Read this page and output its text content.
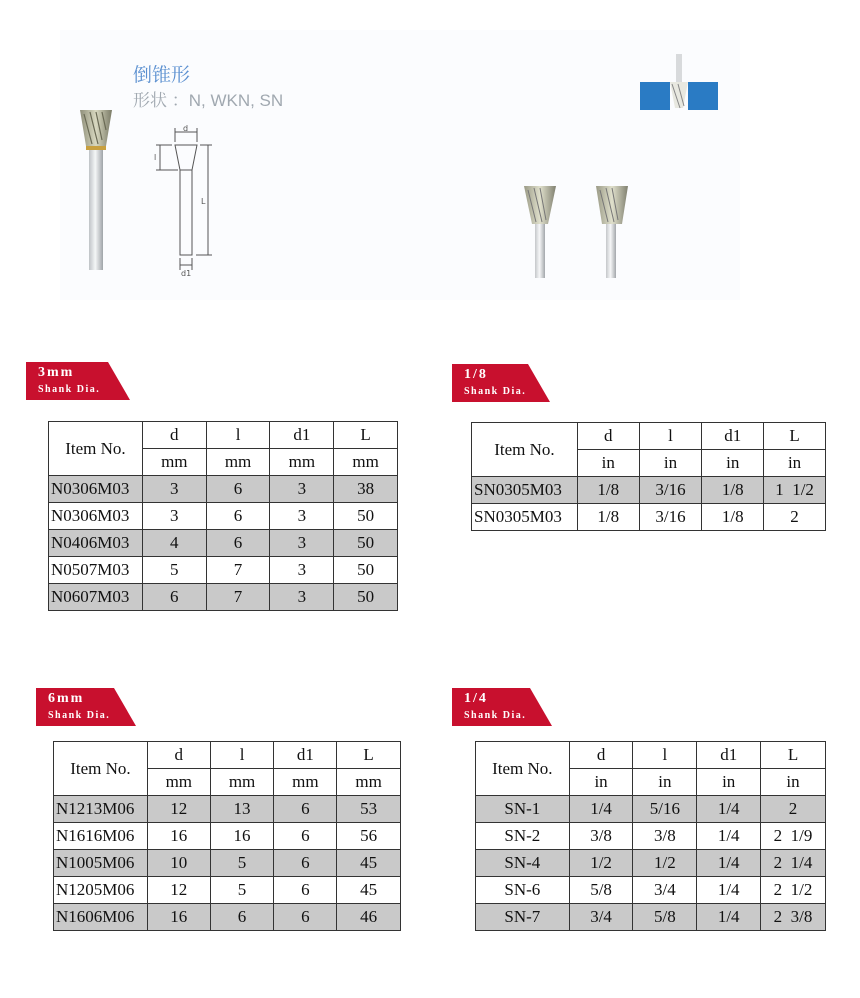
倒锥形
形状 ：N, WKN, SN
d
l
L
d1
3mm
Shank Dia.
1/8
Shank Dia.
6mm
Shank Dia.
1/4
Shank Dia.
Item No.	d	l	d1	L
	mm	mm	mm	mm
N0306M03	3	6	3	38
N0306M03	3	6	3	50
N0406M03	4	6	3	50
N0507M03	5	7	3	50
N0607M03	6	7	3	50
Item No.	d	l	d1	L
	in	in	in	in
SN0305M03	1/8	3/16	1/8	1  1/2
SN0305M03	1/8	3/16	1/8	2
Item No.	d	l	d1	L
	mm	mm	mm	mm
N1213M06	12	13	6	53
N1616M06	16	16	6	56
N1005M06	10	5	6	45
N1205M06	12	5	6	45
N1606M06	16	6	6	46
Item No.	d	l	d1	L
	in	in	in	in
SN-1	1/4	5/16	1/4	2
SN-2	3/8	3/8	1/4	2  1/9
SN-4	1/2	1/2	1/4	2  1/4
SN-6	5/8	3/4	1/4	2  1/2
SN-7	3/4	5/8	1/4	2  3/8
